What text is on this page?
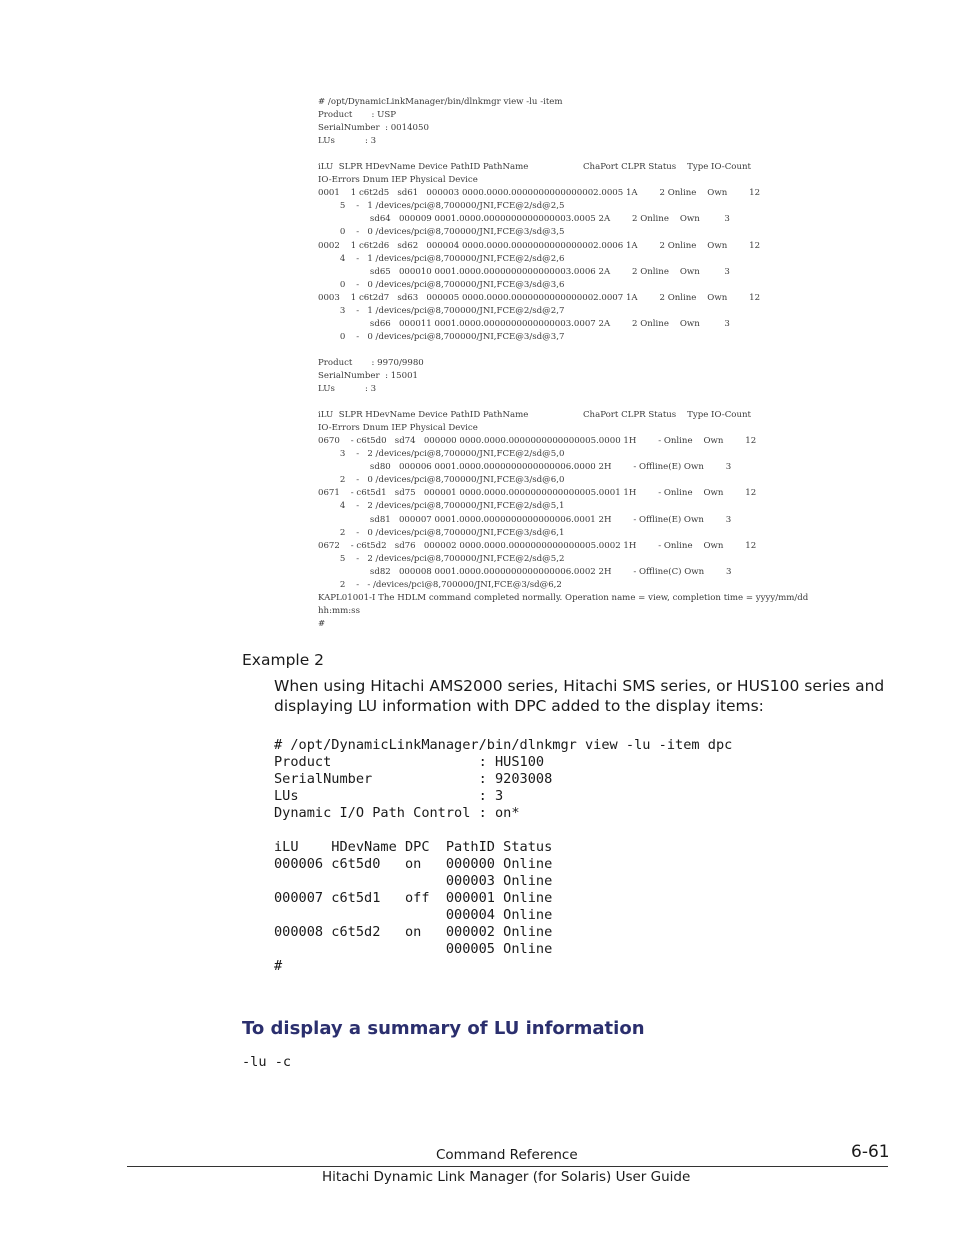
# /opt/DynamicLinkManager/bin/dlnkmgr view -lu -item
Product       : USP
SerialNumber  : 0014050
LUs           : 3

iLU  SLPR HDevName Device PathID PathName                    ChaPort CLPR Status    Type IO-Count
IO-Errors Dnum IEP Physical Device
0001    1 c6t2d5   sd61   000003 0000.0000.0000000000000002.0005 1A        2 Online    Own        12
5    -   1 /devices/pci@8,700000/JNI,FCE@2/sd@2,5
sd64   000009 0001.0000.0000000000000003.0005 2A        2 Online    Own         3
0    -   0 /devices/pci@8,700000/JNI,FCE@3/sd@3,5
0002    1 c6t2d6   sd62   000004 0000.0000.0000000000000002.0006 1A        2 Online    Own        12
4    -   1 /devices/pci@8,700000/JNI,FCE@2/sd@2,6
sd65   000010 0001.0000.0000000000000003.0006 2A        2 Online    Own         3
0    -   0 /devices/pci@8,700000/JNI,FCE@3/sd@3,6
0003    1 c6t2d7   sd63   000005 0000.0000.0000000000000002.0007 1A        2 Online    Own        12
3    -   1 /devices/pci@8,700000/JNI,FCE@2/sd@2,7
sd66   000011 0001.0000.0000000000000003.0007 2A        2 Online    Own         3
0    -   0 /devices/pci@8,700000/JNI,FCE@3/sd@3,7

Product       : 9970/9980
SerialNumber  : 15001
LUs           : 3

iLU  SLPR HDevName Device PathID PathName                    ChaPort CLPR Status    Type IO-Count
IO-Errors Dnum IEP Physical Device
0670    - c6t5d0   sd74   000000 0000.0000.0000000000000005.0000 1H        - Online    Own        12
3    -   2 /devices/pci@8,700000/JNI,FCE@2/sd@5,0
sd80   000006 0001.0000.0000000000000006.0000 2H        - Offline(E) Own        3
2    -   0 /devices/pci@8,700000/JNI,FCE@3/sd@6,0
0671    - c6t5d1   sd75   000001 0000.0000.0000000000000005.0001 1H        - Online    Own        12
4    -   2 /devices/pci@8,700000/JNI,FCE@2/sd@5,1
sd81   000007 0001.0000.0000000000000006.0001 2H        - Offline(E) Own        3
2    -   0 /devices/pci@8,700000/JNI,FCE@3/sd@6,1
0672    - c6t5d2   sd76   000002 0000.0000.0000000000000005.0002 1H        - Online    Own        12
5    -   2 /devices/pci@8,700000/JNI,FCE@2/sd@5,2
sd82   000008 0001.0000.0000000000000006.0002 2H        - Offline(C) Own        3
2    -   - /devices/pci@8,700000/JNI,FCE@3/sd@6,2
KAPL01001-I The HDLM command completed normally. Operation name = view, completion time = yyyy/mm/dd
hh:mm:ss
#
Example 2
When using Hitachi AMS2000 series, Hitachi SMS series, or HUS100 series and displaying LU information with DPC added to the display items:
# /opt/DynamicLinkManager/bin/dlnkmgr view -lu -item dpc
Product                  : HUS100
SerialNumber             : 9203008
LUs                      : 3
Dynamic I/O Path Control : on*

iLU    HDevName DPC  PathID Status
000006 c6t5d0   on   000000 Online
000003 Online
000007 c6t5d1   off  000001 Online
000004 Online
000008 c6t5d2   on   000002 Online
000005 Online
#
To display a summary of LU information
-lu -c
Command Reference	6-61
Hitachi Dynamic Link Manager (for Solaris) User Guide
